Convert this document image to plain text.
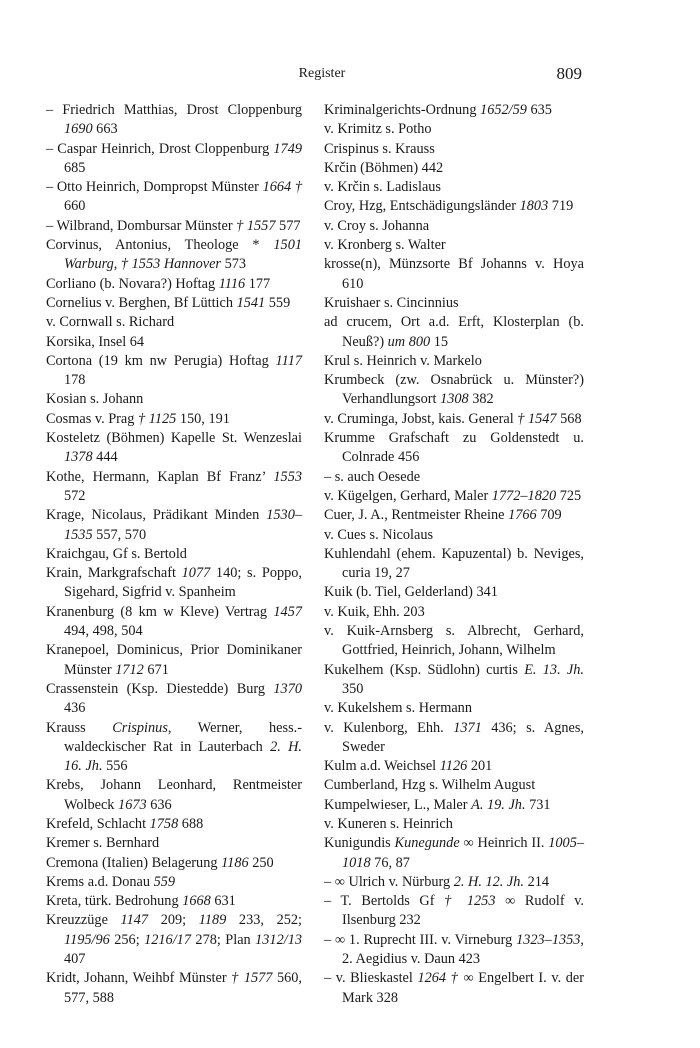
Register	809

– Friedrich Matthias, Drost Cloppenburg 1690 663

– Caspar Heinrich, Drost Cloppenburg 1749 685

– Otto Heinrich, Dompropst Münster 1664 † 660

– Wilbrand, Dombursar Münster † 1557 577

Corvinus, Antonius, Theologe * 1501 Warburg, † 1553 Hannover 573

Corliano (b. Novara?) Hoftag 1116 177

Cornelius v. Berghen, Bf Lüttich 1541 559

v. Cornwall s. Richard

Korsika, Insel 64

Cortona (19 km nw Perugia) Hoftag 1117 178

Kosian s. Johann

Cosmas v. Prag † 1125 150, 191

Kosteletz (Böhmen) Kapelle St. Wenzeslai 1378 444

Kothe, Hermann, Kaplan Bf Franz’ 1553 572

Krage, Nicolaus, Prädikant Minden 1530–1535 557, 570

Kraichgau, Gf s. Bertold

Krain, Markgrafschaft 1077 140; s. Poppo, Sigehard, Sigfrid v. Spanheim

Kranenburg (8 km w Kleve) Vertrag 1457 494, 498, 504

Kranepoel, Dominicus, Prior Dominikaner Münster 1712 671

Crassenstein (Ksp. Diestedde) Burg 1370 436

Krauss Crispinus, Werner, hess.-waldeckischer Rat in Lauterbach 2. H. 16. Jh. 556

Krebs, Johann Leonhard, Rentmeister Wolbeck 1673 636

Krefeld, Schlacht 1758 688

Kremer s. Bernhard

Cremona (Italien) Belagerung 1186 250

Krems a.d. Donau 559

Kreta, türk. Bedrohung 1668 631

Kreuzzüge 1147 209; 1189 233, 252; 1195/96 256; 1216/17 278; Plan 1312/13 407

Kridt, Johann, Weihbf Münster † 1577 560, 577, 588

Kriminalgerichts-Ordnung 1652/59 635

v. Krimitz s. Potho

Crispinus s. Krauss

Krčin (Böhmen) 442

v. Krčin s. Ladislaus

Croy, Hzg, Entschädigungsländer 1803 719

v. Croy s. Johanna

v. Kronberg s. Walter

krosse(n), Münzsorte Bf Johanns v. Hoya 610

Kruishaer s. Cincinnius

ad crucem, Ort a.d. Erft, Klosterplan (b. Neuß?) um 800 15

Krul s. Heinrich v. Markelo

Krumbeck (zw. Osnabrück u. Münster?) Verhandlungsort 1308 382

v. Cruminga, Jobst, kais. General † 1547 568

Krumme Grafschaft zu Goldenstedt u. Colnrade 456

– s. auch Oesede

v. Kügelgen, Gerhard, Maler 1772–1820 725

Cuer, J. A., Rentmeister Rheine 1766 709

v. Cues s. Nicolaus

Kuhlendahl (ehem. Kapuzental) b. Neviges, curia 19, 27

Kuik (b. Tiel, Gelderland) 341

v. Kuik, Ehh. 203

v. Kuik-Arnsberg s. Albrecht, Gerhard, Gottfried, Heinrich, Johann, Wilhelm

Kukelhem (Ksp. Südlohn) curtis E. 13. Jh. 350

v. Kukelshem s. Hermann

v. Kulenborg, Ehh. 1371 436; s. Agnes, Sweder

Kulm a.d. Weichsel 1126 201

Cumberland, Hzg s. Wilhelm August

Kumpelwieser, L., Maler A. 19. Jh. 731

v. Kuneren s. Heinrich

Kunigundis Kunegunde ∞ Heinrich II. 1005–1018 76, 87

– ∞ Ulrich v. Nürburg 2. H. 12. Jh. 214

– T. Bertolds Gf † 1253 ∞ Rudolf v. Ilsenburg 232

– ∞ 1. Ruprecht III. v. Virneburg 1323–1353, 2. Aegidius v. Daun 423

– v. Blieskastel 1264 † ∞ Engelbert I. v. der Mark 328
